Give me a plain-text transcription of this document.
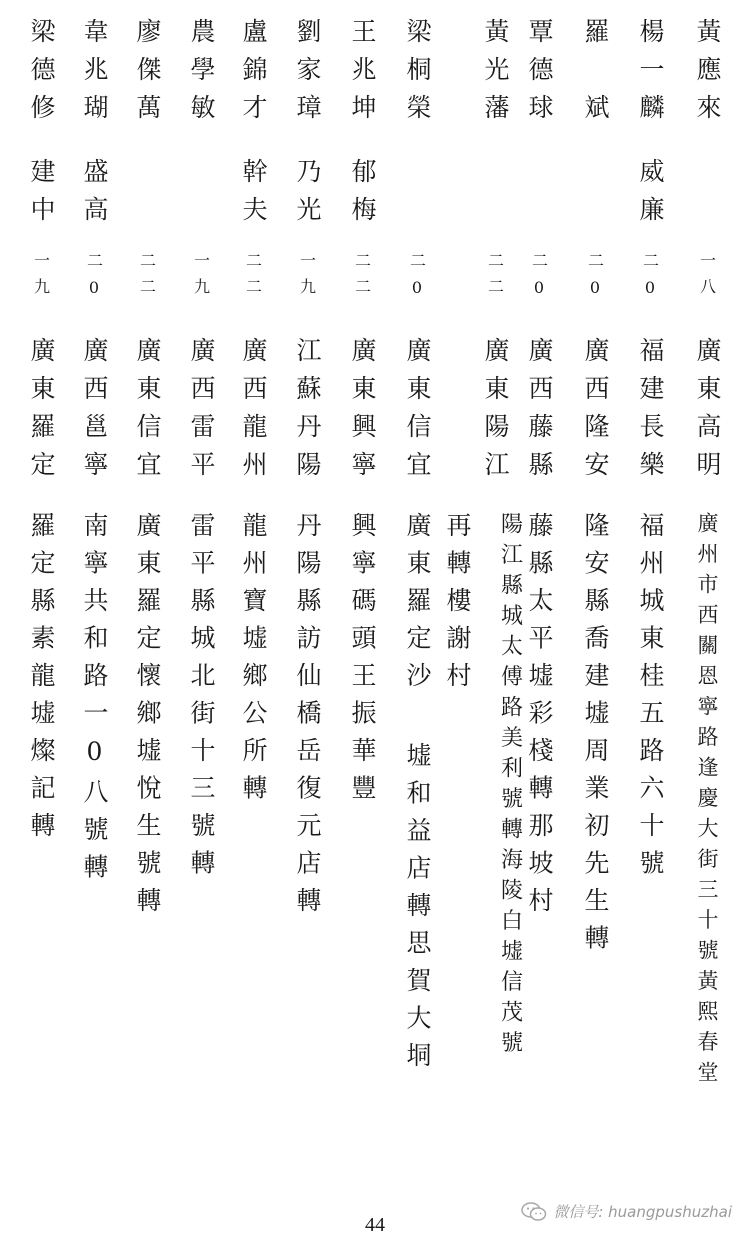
黃應來
一八
廣東高明
廣州市西關恩寧路逢慶大街三十號黃熙春堂
楊一麟
威廉
二0
福建長樂
福州城東桂五路六十號
羅　斌
二0
廣西隆安
隆安縣喬建墟周業初先生轉
覃德球
二0
廣西藤縣
藤縣太平墟彩棧轉那坡村
黃光藩
二二
廣東陽江
陽江縣城太傅路美利號轉海陵白墟信茂號
再轉樓謝村
梁桐榮
二0
廣東信宜
廣東羅定沙
墟和益店轉思賀大垌
王兆坤
郁梅
二二
廣東興寧
興寧碼頭王振華豐
劉家璋
乃光
一九
江蘇丹陽
丹陽縣訪仙橋岳復元店轉
盧錦才
幹夫
二二
廣西龍州
龍州寶墟鄉公所轉
農學敏
一九
廣西雷平
雷平縣城北街十三號轉
廖傑萬
二二
廣東信宜
廣東羅定懷鄉墟悅生號轉
韋兆瑚
盛高
二0
廣西邕寧
南寧共和路一0八號轉
梁德修
建中
一九
廣東羅定
羅定縣素龍墟燦記轉
44
微信号: huangpushuzhai
